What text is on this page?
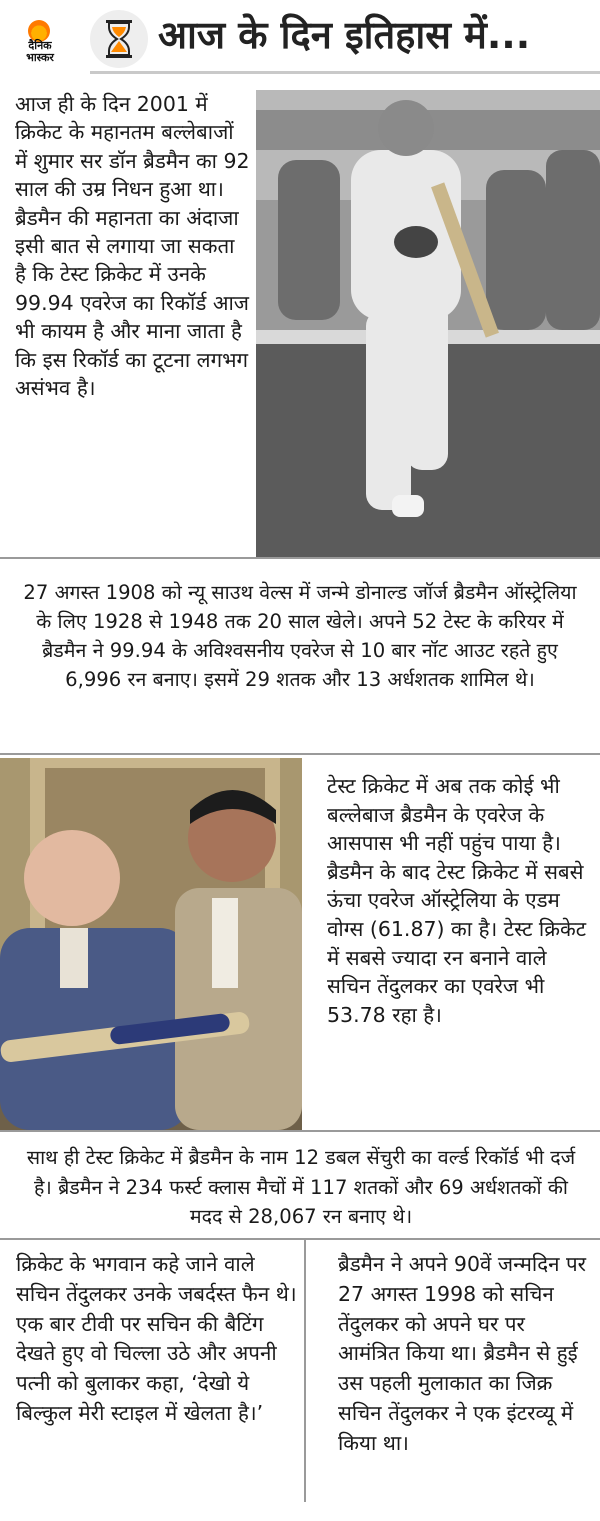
दैनिक भास्कर
आज के दिन इतिहास में...
आज ही के दिन 2001 में क्रिकेट के महानतम बल्लेबाजों में शुमार सर डॉन ब्रैडमैन का 92 साल की उम्र निधन हुआ था। ब्रैडमैन की महानता का अंदाजा इसी बात से लगाया जा सकता है कि टेस्ट क्रिकेट में उनके 99.94 एवरेज का रिकॉर्ड आज भी कायम है और माना जाता है कि इस रिकॉर्ड का टूटना लगभग असंभव है।
27 अगस्त 1908 को न्यू साउथ वेल्स में जन्मे डोनाल्ड जॉर्ज ब्रैडमैन ऑस्ट्रेलिया के लिए 1928 से 1948 तक 20 साल खेले। अपने 52 टेस्ट के करियर में ब्रैडमैन ने 99.94 के अविश्वसनीय एवरेज से 10 बार नॉट आउट रहते हुए 6,996 रन बनाए। इसमें 29 शतक और 13 अर्धशतक शामिल थे।
टेस्ट क्रिकेट में अब तक कोई भी बल्लेबाज ब्रैडमैन के एवरेज के आसपास भी नहीं पहुंच पाया है। ब्रैडमैन के बाद टेस्ट क्रिकेट में सबसे ऊंचा एवरेज ऑस्ट्रेलिया के एडम वोग्स (61.87) का है। टेस्ट क्रिकेट में सबसे ज्यादा रन बनाने वाले सचिन तेंदुलकर का एवरेज भी 53.78 रहा है।
साथ ही टेस्ट क्रिकेट में ब्रैडमैन के नाम 12 डबल सेंचुरी का वर्ल्ड रिकॉर्ड भी दर्ज है। ब्रैडमैन ने 234 फर्स्ट क्लास मैचों में 117 शतकों और 69 अर्धशतकों की मदद से 28,067 रन बनाए थे।
क्रिकेट के भगवान कहे जाने वाले सचिन तेंदुलकर उनके जबर्दस्त फैन थे। एक बार टीवी पर सचिन की बैटिंग देखते हुए वो चिल्ला उठे और अपनी पत्नी को बुलाकर कहा, ‘देखो ये बिल्कुल मेरी स्टाइल में खेलता है।’
ब्रैडमैन ने अपने 90वें जन्मदिन पर 27 अगस्त 1998 को सचिन तेंदुलकर को अपने घर पर आमंत्रित किया था। ब्रैडमैन से हुई उस पहली मुलाकात का जिक्र सचिन तेंदुलकर ने एक इंटरव्यू में किया था।
